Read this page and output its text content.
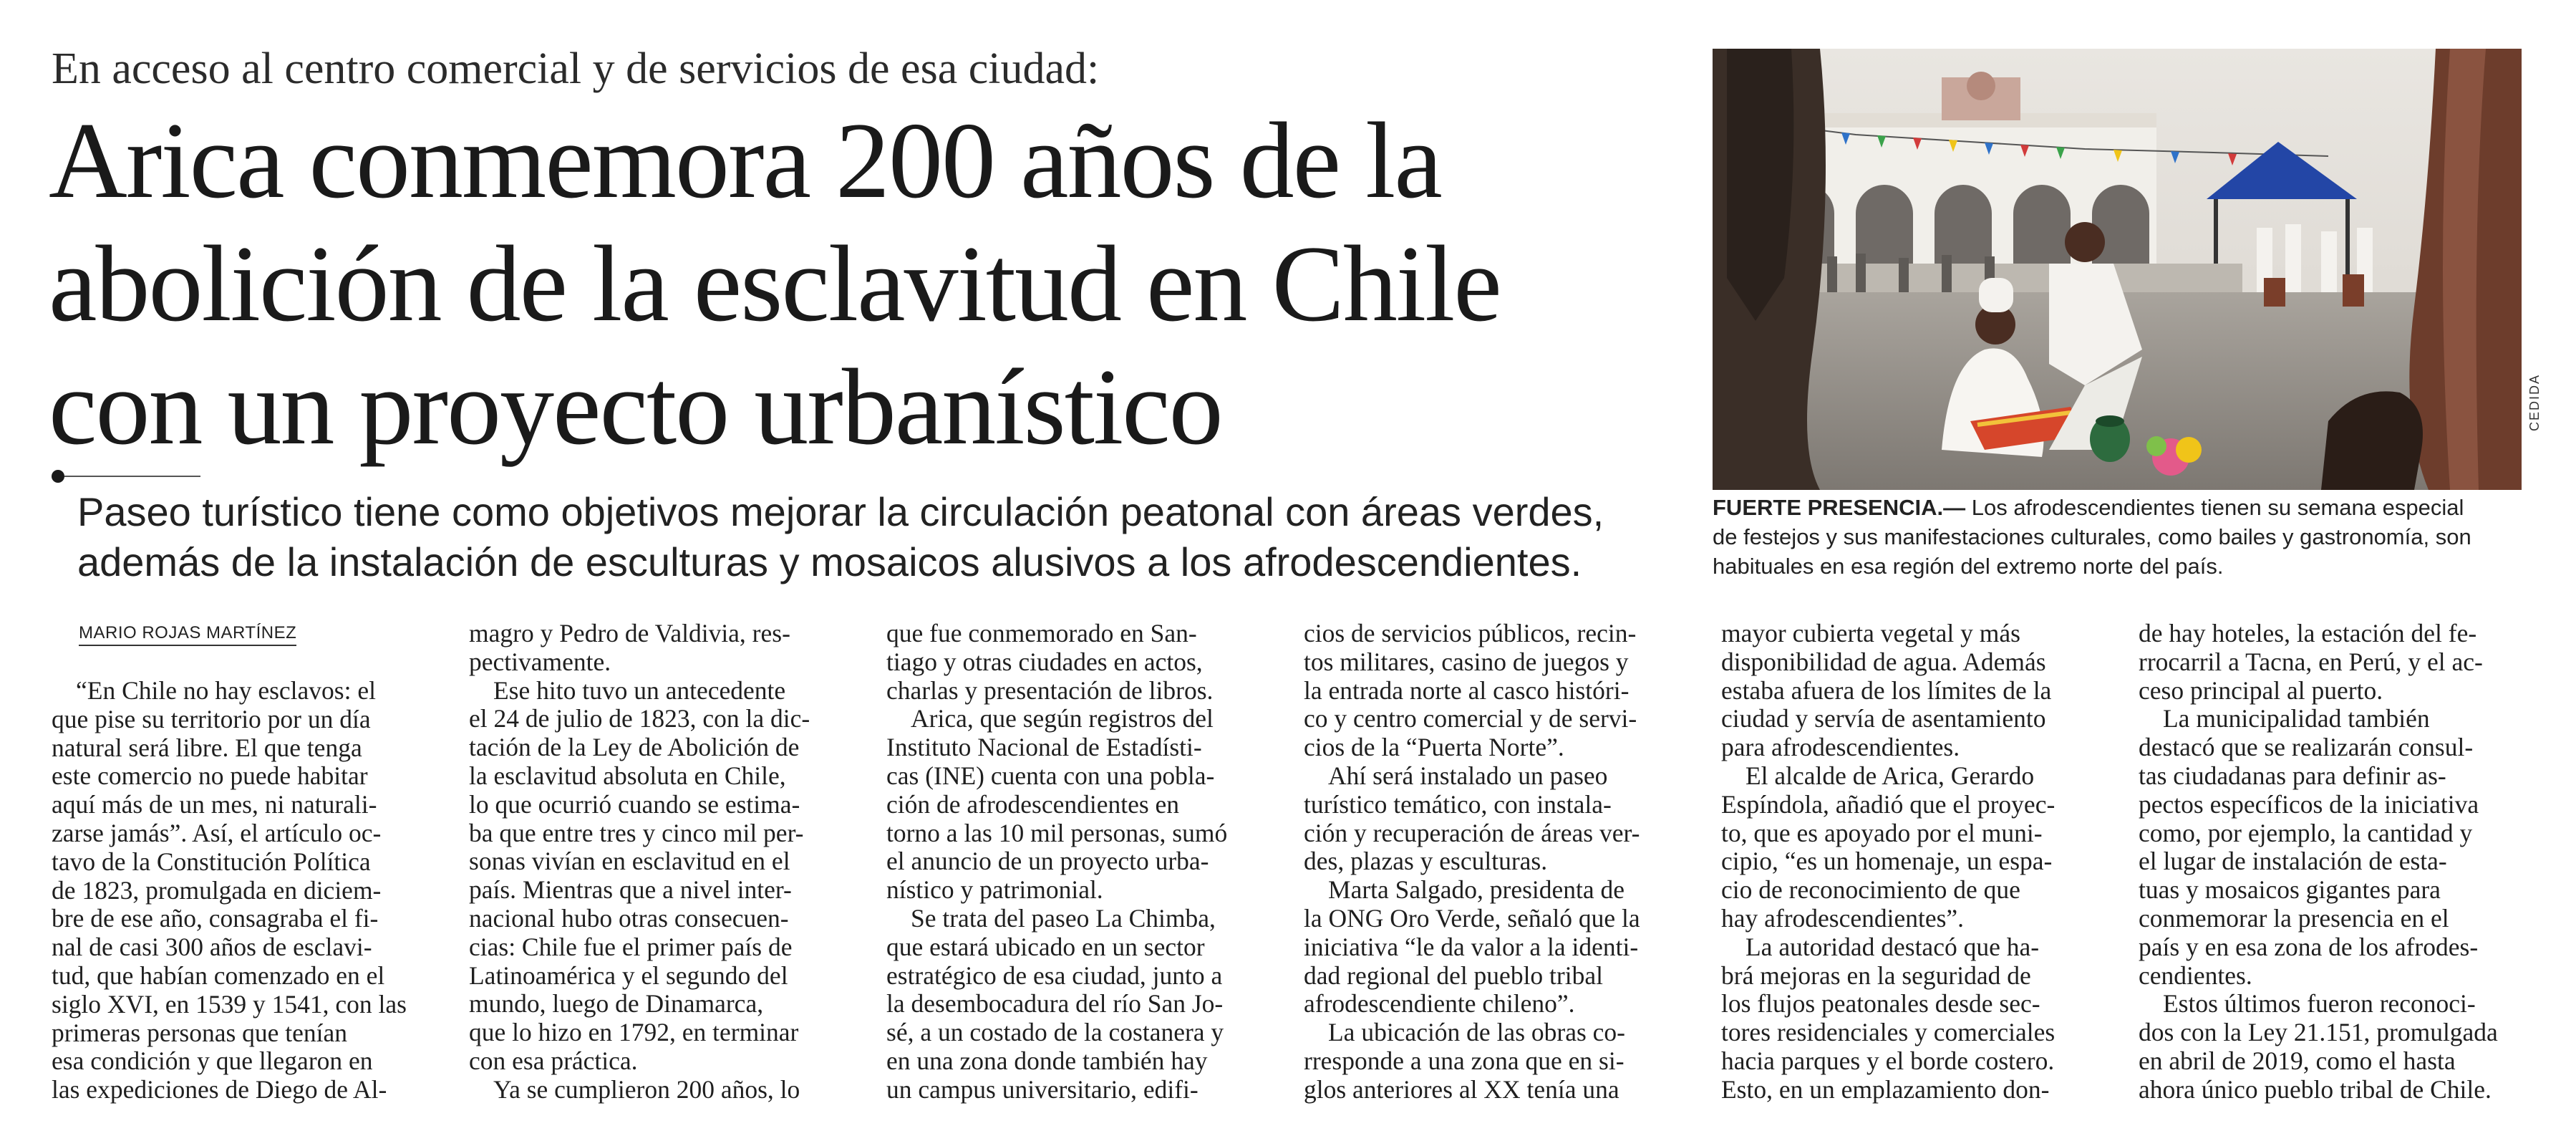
En acceso al centro comercial y de servicios de esa ciudad:
Arica conmemora 200 años de la
abolición de la esclavitud en Chile
con un proyecto urbanístico
Paseo turístico tiene como objetivos mejorar la circulación peatonal con áreas verdes,
además de la instalación de esculturas y mosaicos alusivos a los afrodescendientes.
CEDIDA
FUERTE PRESENCIA.— Los afrodescendientes tienen su semana especial
de festejos y sus manifestaciones culturales, como bailes y gastronomía, son
habituales en esa región del extremo norte del país.
MARIO ROJAS MARTÍNEZ
“En Chile no hay esclavos: el
que pise su territorio por un día
natural será libre. El que tenga
este comercio no puede habitar
aquí más de un mes, ni naturali-
zarse jamás”. Así, el artículo oc-
tavo de la Constitución Política
de 1823, promulgada en diciem-
bre de ese año, consagraba el fi-
nal de casi 300 años de esclavi-
tud, que habían comenzado en el
siglo XVI, en 1539 y 1541, con las
primeras personas que tenían
esa condición y que llegaron en
las expediciones de Diego de Al-
magro y Pedro de Valdivia, res-
pectivamente.
Ese hito tuvo un antecedente
el 24 de julio de 1823, con la dic-
tación de la Ley de Abolición de
la esclavitud absoluta en Chile,
lo que ocurrió cuando se estima-
ba que entre tres y cinco mil per-
sonas vivían en esclavitud en el
país. Mientras que a nivel inter-
nacional hubo otras consecuen-
cias: Chile fue el primer país de
Latinoamérica y el segundo del
mundo, luego de Dinamarca,
que lo hizo en 1792, en terminar
con esa práctica.
Ya se cumplieron 200 años, lo
que fue conmemorado en San-
tiago y otras ciudades en actos,
charlas y presentación de libros.
Arica, que según registros del
Instituto Nacional de Estadísti-
cas (INE) cuenta con una pobla-
ción de afrodescendientes en
torno a las 10 mil personas, sumó
el anuncio de un proyecto urba-
nístico y patrimonial.
Se trata del paseo La Chimba,
que estará ubicado en un sector
estratégico de esa ciudad, junto a
la desembocadura del río San Jo-
sé, a un costado de la costanera y
en una zona donde también hay
un campus universitario, edifi-
cios de servicios públicos, recin-
tos militares, casino de juegos y
la entrada norte al casco históri-
co y centro comercial y de servi-
cios de la “Puerta Norte”.
Ahí será instalado un paseo
turístico temático, con instala-
ción y recuperación de áreas ver-
des, plazas y esculturas.
Marta Salgado, presidenta de
la ONG Oro Verde, señaló que la
iniciativa “le da valor a la identi-
dad regional del pueblo tribal
afrodescendiente chileno”.
La ubicación de las obras co-
rresponde a una zona que en si-
glos anteriores al XX tenía una
mayor cubierta vegetal y más
disponibilidad de agua. Además
estaba afuera de los límites de la
ciudad y servía de asentamiento
para afrodescendientes.
El alcalde de Arica, Gerardo
Espíndola, añadió que el proyec-
to, que es apoyado por el muni-
cipio, “es un homenaje, un espa-
cio de reconocimiento de que
hay afrodescendientes”.
La autoridad destacó que ha-
brá mejoras en la seguridad de
los flujos peatonales desde sec-
tores residenciales y comerciales
hacia parques y el borde costero.
Esto, en un emplazamiento don-
de hay hoteles, la estación del fe-
rrocarril a Tacna, en Perú, y el ac-
ceso principal al puerto.
La municipalidad también
destacó que se realizarán consul-
tas ciudadanas para definir as-
pectos específicos de la iniciativa
como, por ejemplo, la cantidad y
el lugar de instalación de esta-
tuas y mosaicos gigantes para
conmemorar la presencia en el
país y en esa zona de los afrodes-
cendientes.
Estos últimos fueron reconoci-
dos con la Ley 21.151, promulgada
en abril de 2019, como el hasta
ahora único pueblo tribal de Chile.
